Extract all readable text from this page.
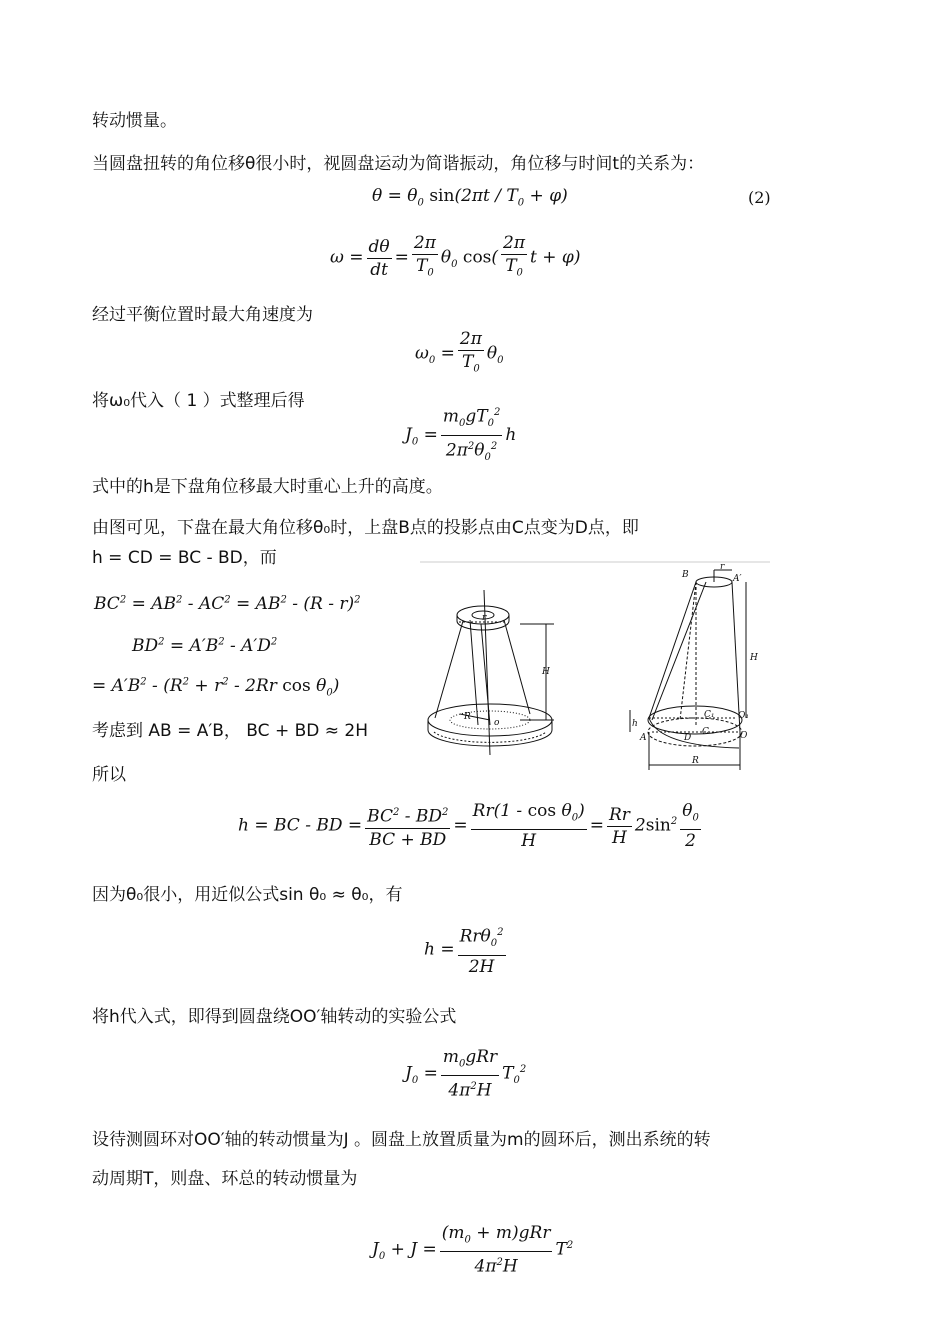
转动惯量。
当圆盘扭转的角位移θ很小时，视圆盘运动为简谐振动，角位移与时间t的关系为：
$\theta = \theta_0$ $\sin(2\pi t / T_0 + \varphi)$	(2)
$\omega = \frac{d\theta}{dt} = \frac{2\pi}{T_0} \theta_0$ $\cos( \frac{2\pi}{T_0}$ t + φ)
经过平衡位置时最大角速度为
$\omega_0 = \frac{2\pi}{T_0} \theta_0$
将ω₀代入（ 1 ）式整理后得
$J_0 = \frac{m_0gT_0^2}{2\pi^2\theta_0^2}$ h
式中的h是下盘角位移最大时重心上升的高度。
由图可见，下盘在最大角位移θ₀时，上盘B点的投影点由C点变为D点，即
h = CD = BC - BD，而
$BC^2 = AB^2 - AC^2 = AB^2 - (R - r)^2$
$BD^2 = A'B^2 - A'D^2$
= $A'B^2 - (R^2 + r^2 - 2Rr$ $\cos \theta_0$)
考虑到 AB = A′B， BC + BD ≈ 2H
所以
h = BC - BD = $\frac{BC^2 - BD^2}{BC + BD} = \frac{Rr(1 - \cos \theta_0)}{H} = \frac{Rr}{H} 2\sin^2 \frac{\theta_0}{2}$
因为θ₀很小，用近似公式sin θ₀ ≈ θ₀，有
$h = \frac{Rr\theta_0^2}{2H}$
将h代入式，即得到圆盘绕OO′轴转动的实验公式
$J_0 = \frac{m_0gRr}{4\pi^2H} T_0^2$
设待测圆环对OO′轴的转动惯量为J 。圆盘上放置质量为m的圆环后，测出系统的转
动周期T，则盘、环总的转动惯量为
$J_0 + J = \frac{(m_0 + m)gRr}{4\pi^2H} T^2$
H
R
o
r
B
r
A′
H
C₁	O₁
h
A
C
D	O
R
